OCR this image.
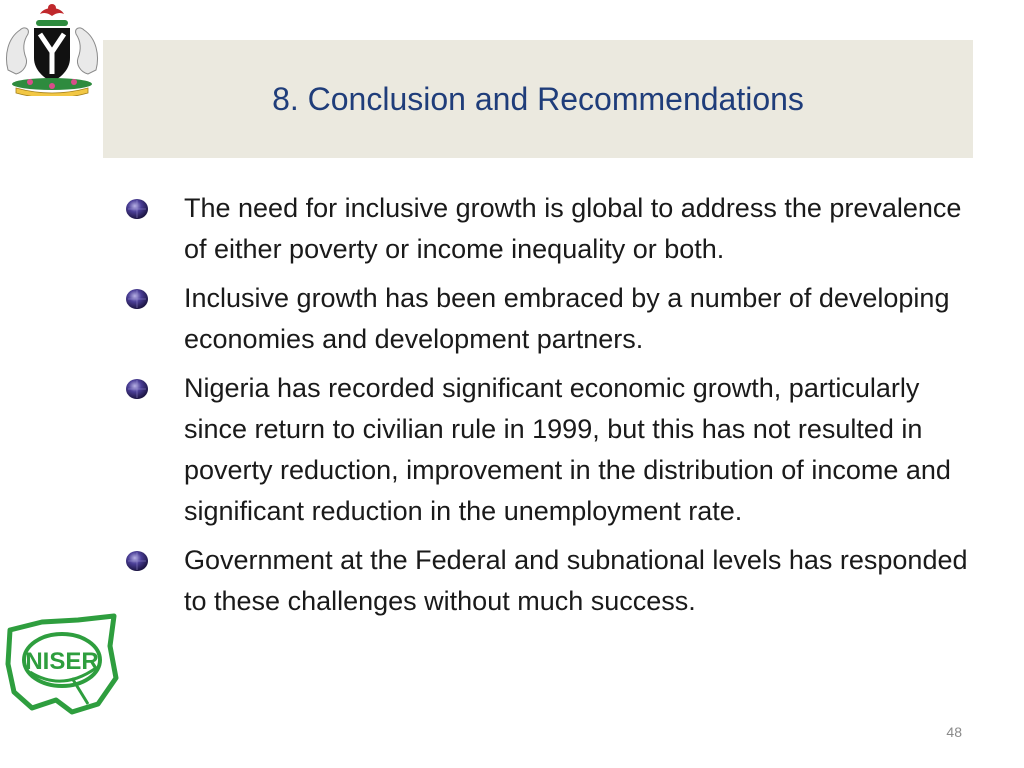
8. Conclusion and Recommendations
The need for inclusive growth is global to address the prevalence of either poverty or income inequality or both.
Inclusive growth has been embraced by a number of developing economies and development partners.
Nigeria has recorded significant economic growth, particularly since return to civilian rule in 1999, but this has not resulted in poverty reduction, improvement in the distribution of income and significant reduction in the unemployment rate.
Government at the Federal and subnational levels has responded to these challenges without much success.
NISER
48
